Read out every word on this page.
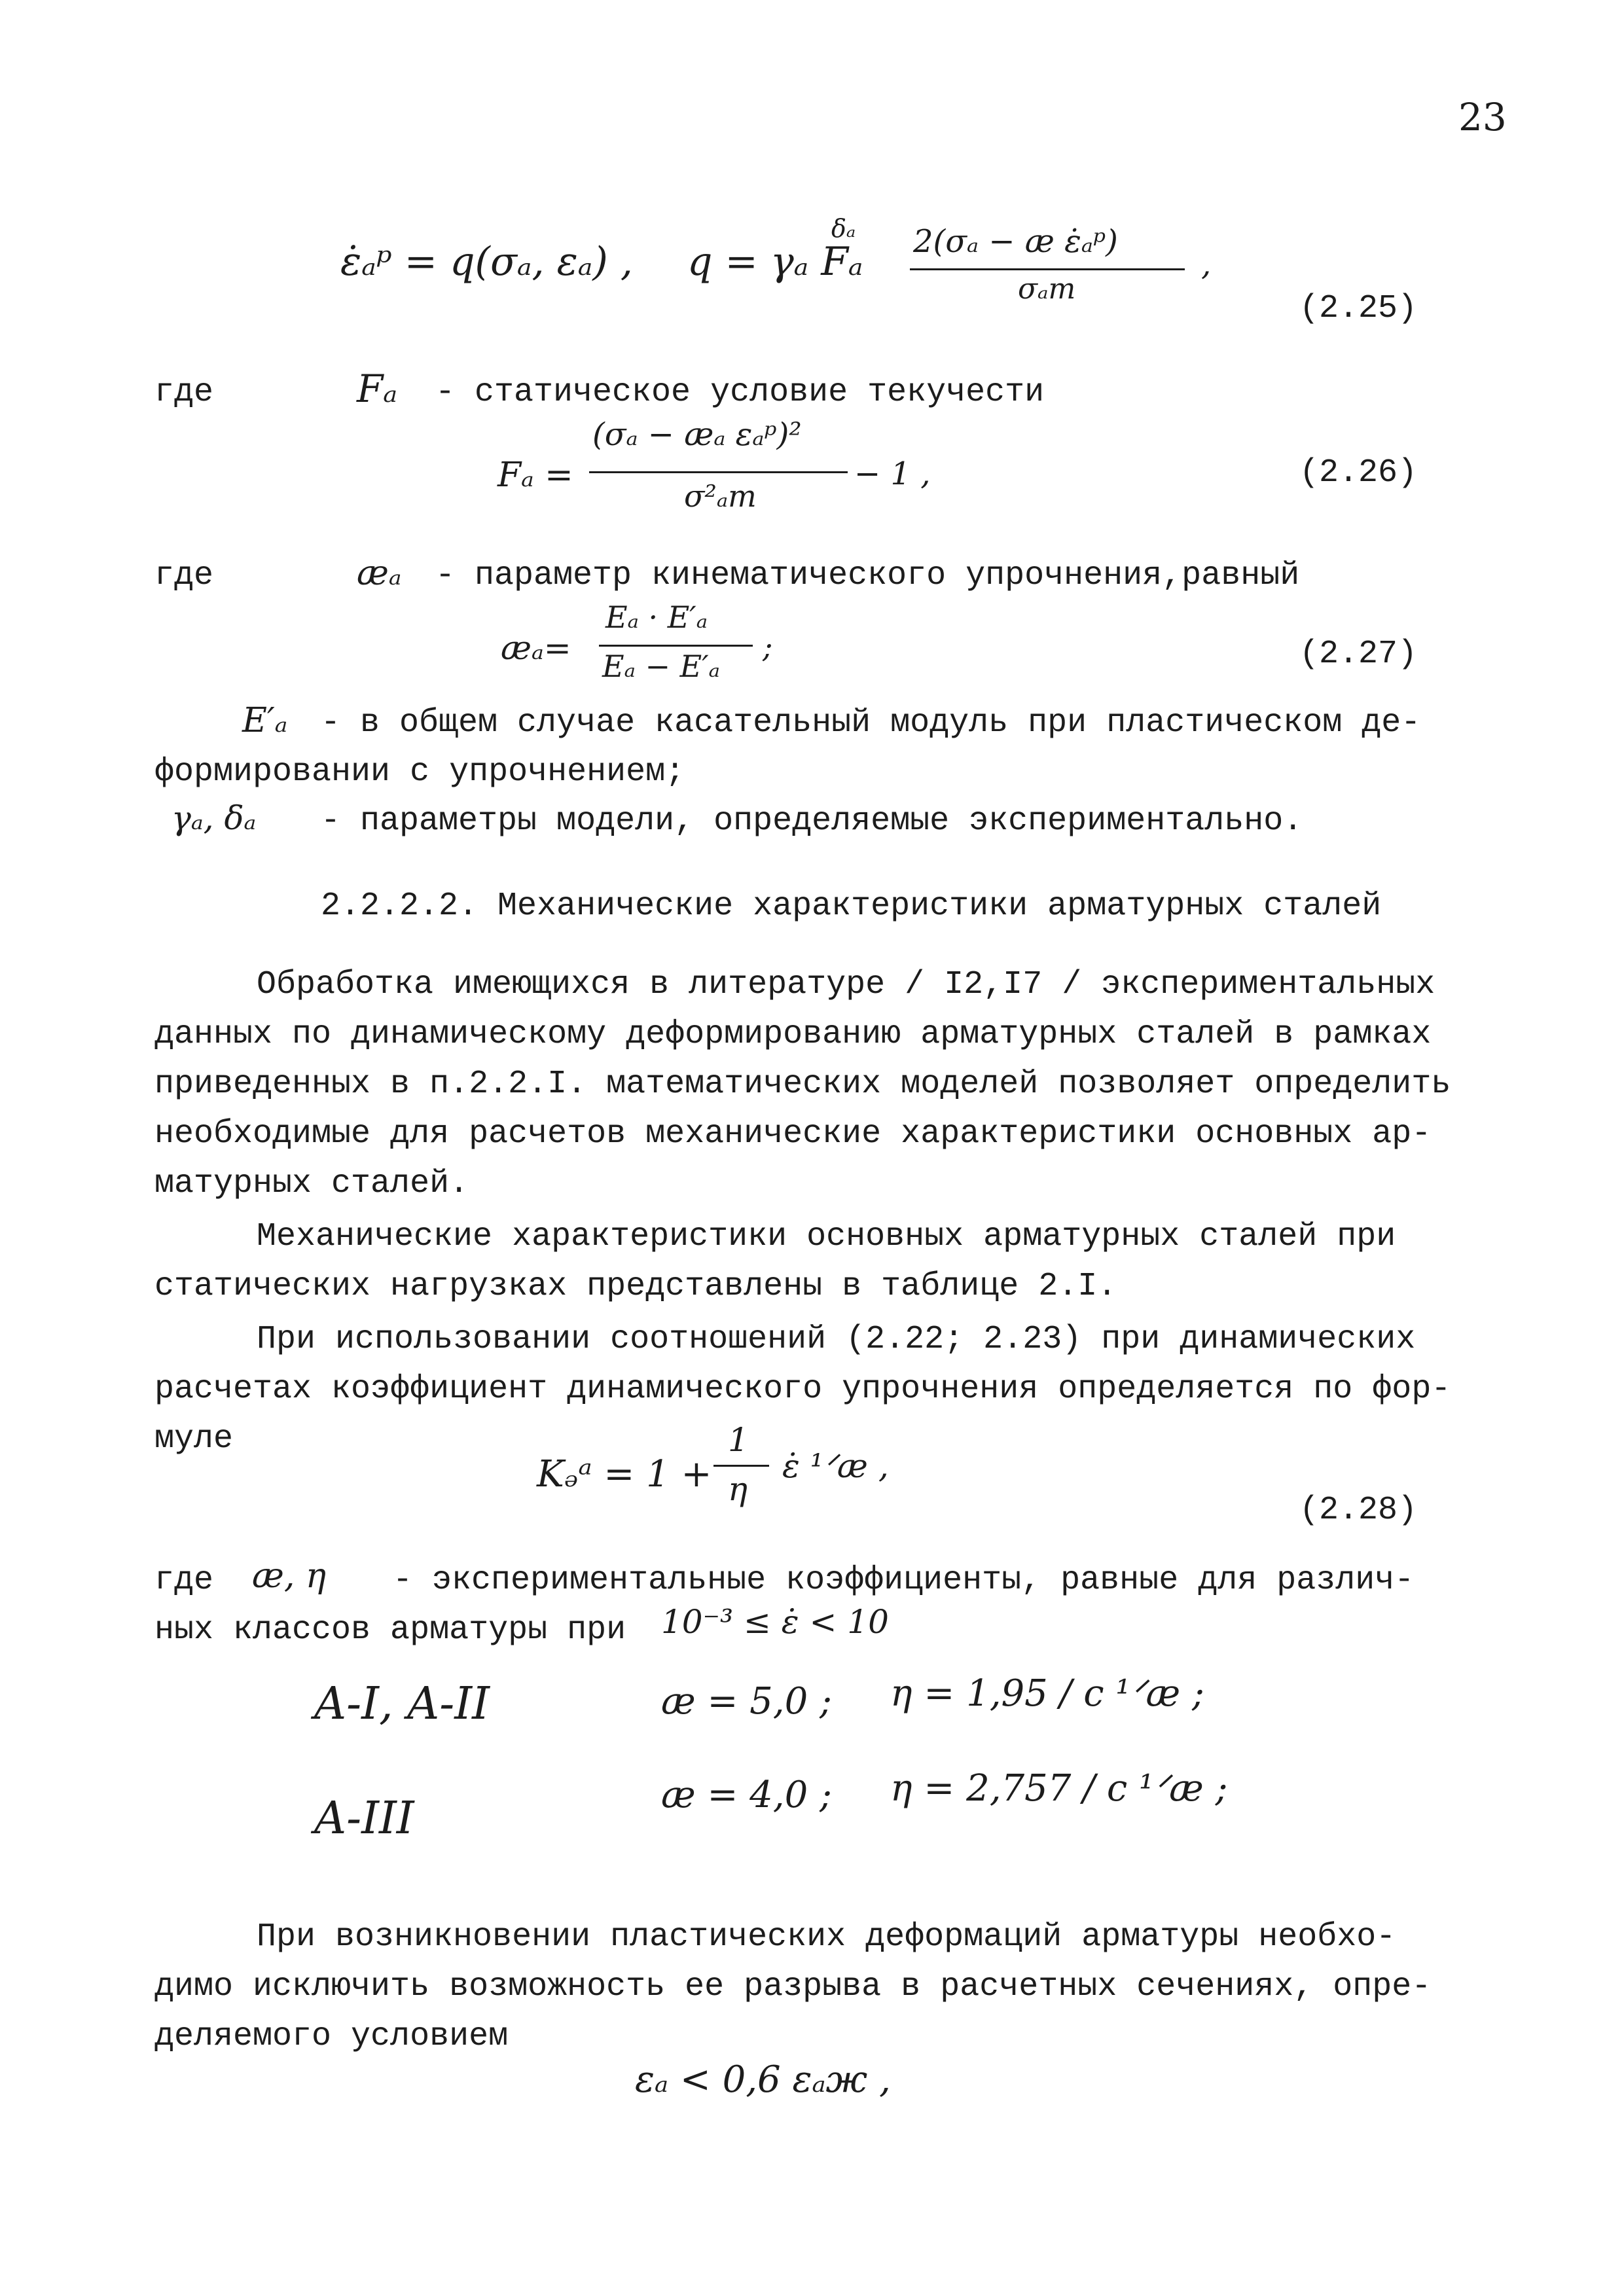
23
ε̇ₐᵖ = q(σₐ, εₐ) , q = γₐ Fₐ
δₐ 2(σₐ − æ ε̇ₐᵖ)
σₐт
,
(2.25)
где	Fₐ - статическое условие текучести
Fₐ =
(σₐ − æₐ εₐᵖ)²
σ²ₐт
− 1 ,	(2.26)
где	æₐ - параметр кинематического упрочнения,равный
æₐ=
Eₐ · E′ₐ
Eₐ − E′ₐ
;	(2.27)
E′ₐ - в общем случае касательный модуль при пластическом де-
формировании с упрочнением;
γₐ, δₐ - параметры модели, определяемые экспериментально.
2.2.2.2. Механические характеристики арматурных сталей
Обработка имеющихся в литературе / I2,I7 / экспериментальных
данных по динамическому деформированию арматурных сталей в рамках
приведенных в п.2.2.I. математических моделей позволяет определить
необходимые для расчетов механические характеристики основных ар-
матурных сталей.
Механические характеристики основных арматурных сталей при
статических нагрузках представлены в таблице 2.I.
При использовании соотношений (2.22; 2.23) при динамических
расчетах коэффициент динамического упрочнения определяется по фор-
муле
Kₔᵃ = 1 +
1
η
ε̇ ¹ᐟæ ,
(2.28)
где æ, η - экспериментальные коэффициенты, равные для различ-
ных классов арматуры при 10⁻³ ≤ ε̇ < 10
A-I, A-II	æ = 5,0 ; η = 1,95 / c ¹ᐟæ ;
A-III	æ = 4,0 ; η = 2,757 / c ¹ᐟæ ;
При возникновении пластических деформаций арматуры необхо-
димо исключить возможность ее разрыва в расчетных сечениях, опре-
деляемого условием
εₐ < 0,6 εₐж ,
